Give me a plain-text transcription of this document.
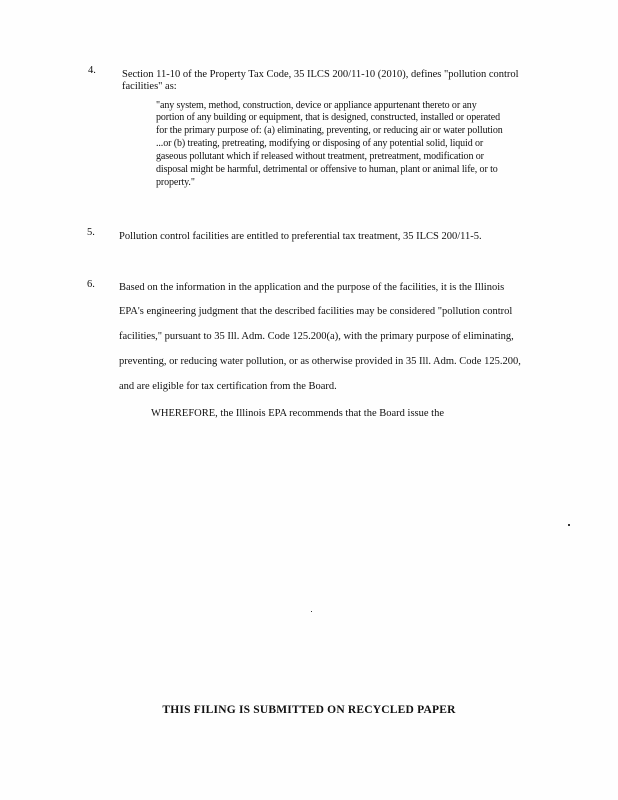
4. Section 11-10 of the Property Tax Code, 35 ILCS 200/11-10 (2010), defines "pollution control
facilities" as:
"any system, method, construction, device or appliance appurtenant thereto or any
portion of any building or equipment, that is designed, constructed, installed or operated
for the primary purpose of: (a) eliminating, preventing, or reducing air or water pollution
...or (b) treating, pretreating, modifying or disposing of any potential solid, liquid or
gaseous pollutant which if released without treatment, pretreatment, modification or
disposal might be harmful, detrimental or offensive to human, plant or animal life, or to
property."
5. Pollution control facilities are entitled to preferential tax treatment, 35 ILCS 200/11-5.
6. Based on the information in the application and the purpose of the facilities, it is the Illinois
EPA's engineering judgment that the described facilities may be considered "pollution control
facilities," pursuant to 35 Ill. Adm. Code 125.200(a), with the primary purpose of eliminating,
preventing, or reducing water pollution, or as otherwise provided in 35 Ill. Adm. Code 125.200,
and are eligible for tax certification from the Board.
WHEREFORE, the Illinois EPA recommends that the Board issue the
THIS FILING IS SUBMITTED ON RECYCLED PAPER
